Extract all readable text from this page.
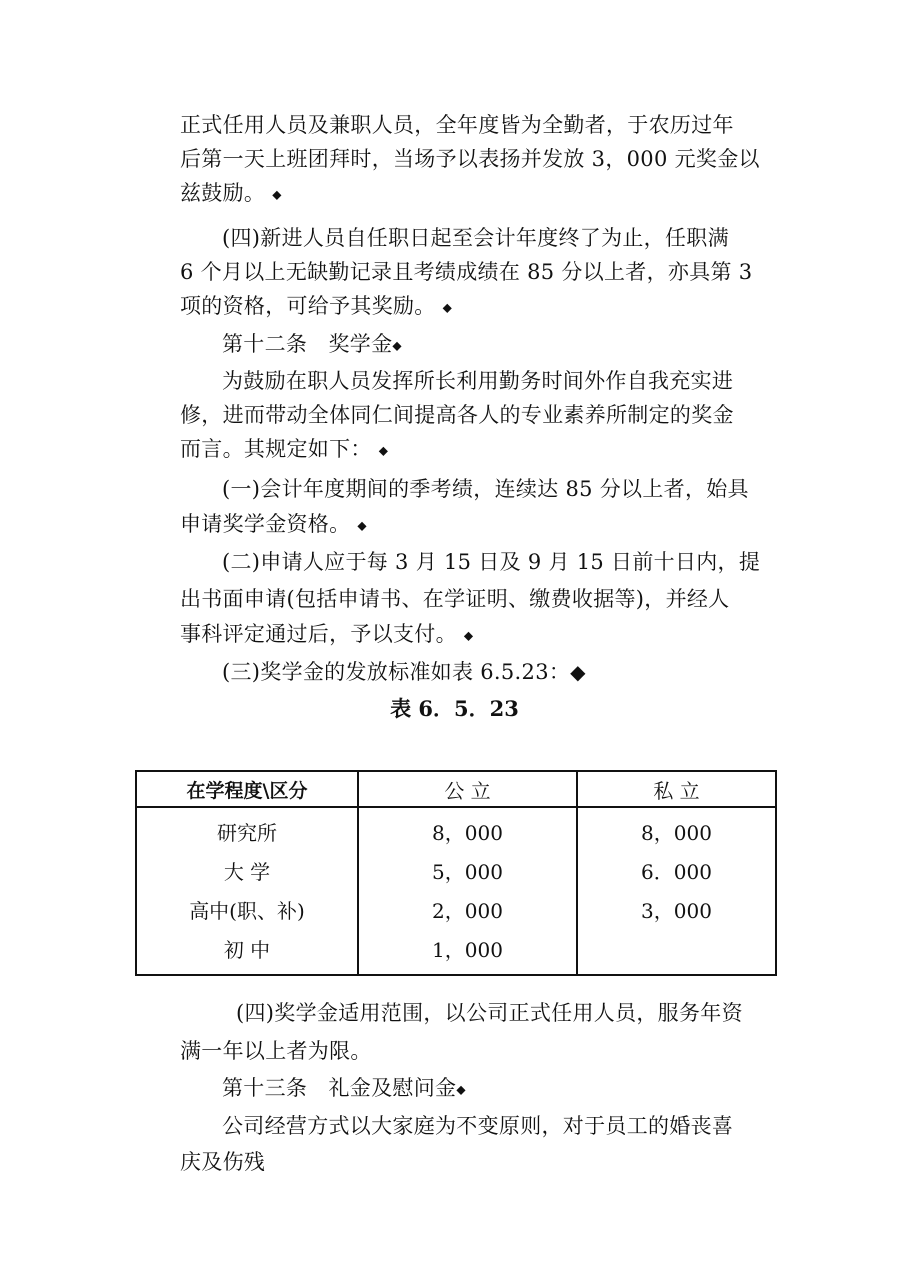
正式任用人员及兼职人员，全年度皆为全勤者，于农历过年
后第一天上班团拜时，当场予以表扬并发放 3，000 元奖金以
兹鼓励。 ◆
(四)新进人员自任职日起至会计年度终了为止，任职满
6 个月以上无缺勤记录且考绩成绩在 85 分以上者，亦具第 3
项的资格，可给予其奖励。 ◆
第十二条　奖学金◆
为鼓励在职人员发挥所长利用勤务时间外作自我充实进
修，进而带动全体同仁间提高各人的专业素养所制定的奖金
而言。其规定如下： ◆
(一)会计年度期间的季考绩，连续达 85 分以上者，始具
申请奖学金资格。 ◆
(二)申请人应于每 3 月 15 日及 9 月 15 日前十日内，提
出书面申请(包括申请书、在学证明、缴费收据等)，并经人
事科评定通过后，予以支付。 ◆
(三)奖学金的发放标准如表 6.5.23：◆
表 6．5．23
在学程度\区分	公 立	私 立
研究所	8，000	8，000
大 学	5，000	6．000
高中(职、补)	2，000	3，000
初 中	1，000	
(四)奖学金适用范围，以公司正式任用人员，服务年资
满一年以上者为限。
第十三条　礼金及慰问金◆
公司经营方式以大家庭为不变原则，对于员工的婚丧喜
庆及伤残
